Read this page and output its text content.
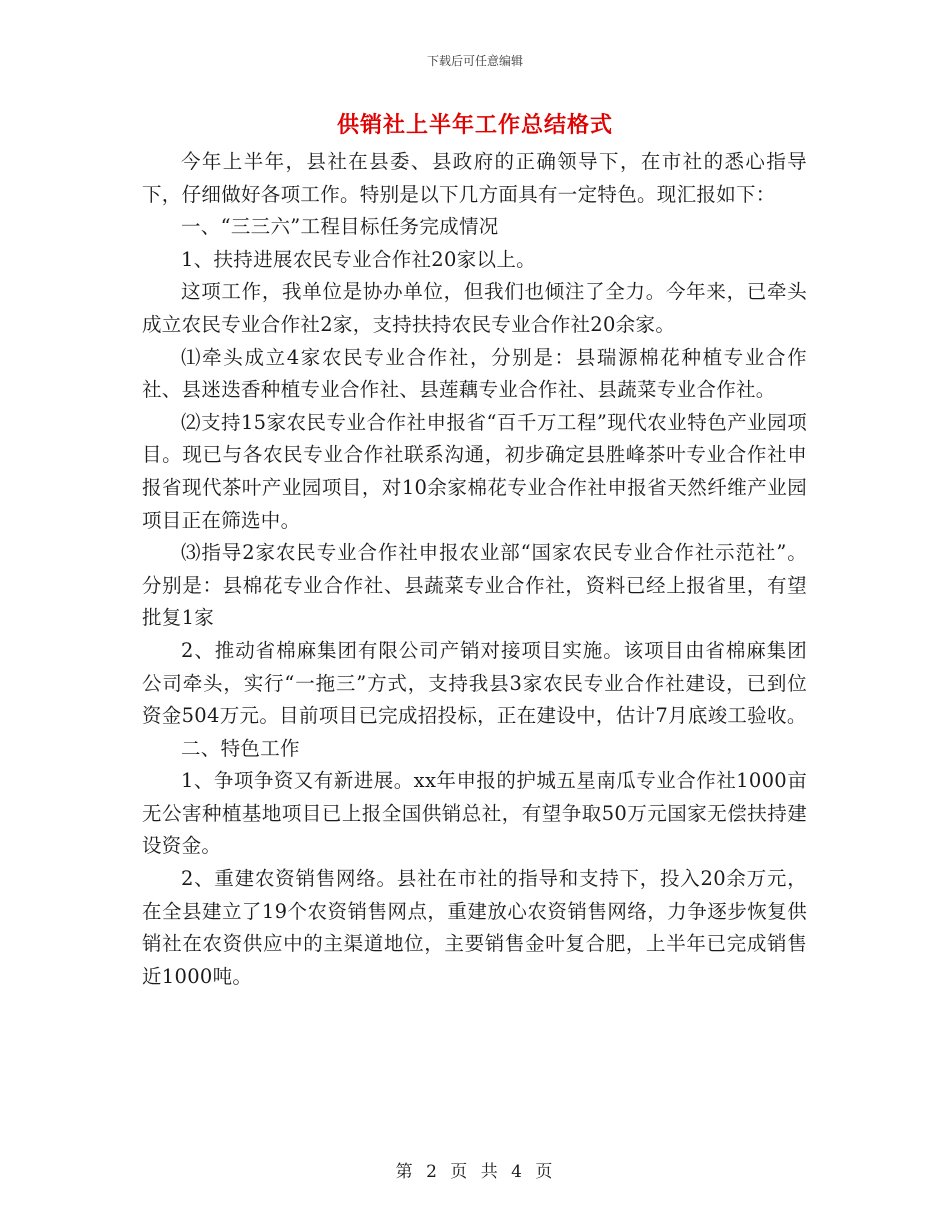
下载后可任意编辑
供销社上半年工作总结格式

今年上半年，县社在县委、县政府的正确领导下，在市社的悉心指导下，仔细做好各项工作。特别是以下几方面具有一定特色。现汇报如下：

一、“三三六”工程目标任务完成情况

1、扶持进展农民专业合作社20家以上。

这项工作，我单位是协办单位，但我们也倾注了全力。今年来，已牵头成立农民专业合作社2家，支持扶持农民专业合作社20余家。

⑴牵头成立4家农民专业合作社，分别是：县瑞源棉花种植专业合作社、县迷迭香种植专业合作社、县莲藕专业合作社、县蔬菜专业合作社。

⑵支持15家农民专业合作社申报省“百千万工程”现代农业特色产业园项目。现已与各农民专业合作社联系沟通，初步确定县胜峰茶叶专业合作社申报省现代茶叶产业园项目，对10余家棉花专业合作社申报省天然纤维产业园项目正在筛选中。

⑶指导2家农民专业合作社申报农业部“国家农民专业合作社示范社”。分别是：县棉花专业合作社、县蔬菜专业合作社，资料已经上报省里，有望批复1家

2、推动省棉麻集团有限公司产销对接项目实施。该项目由省棉麻集团公司牵头，实行“一拖三”方式，支持我县3家农民专业合作社建设，已到位资金504万元。目前项目已完成招投标，正在建设中，估计7月底竣工验收。

二、特色工作

1、争项争资又有新进展。xx年申报的护城五星南瓜专业合作社1000亩无公害种植基地项目已上报全国供销总社，有望争取50万元国家无偿扶持建设资金。

2、重建农资销售网络。县社在市社的指导和支持下，投入20余万元，在全县建立了19个农资销售网点，重建放心农资销售网络，力争逐步恢复供销社在农资供应中的主渠道地位，主要销售金叶复合肥，上半年已完成销售近1000吨。

第 2 页 共 4 页
